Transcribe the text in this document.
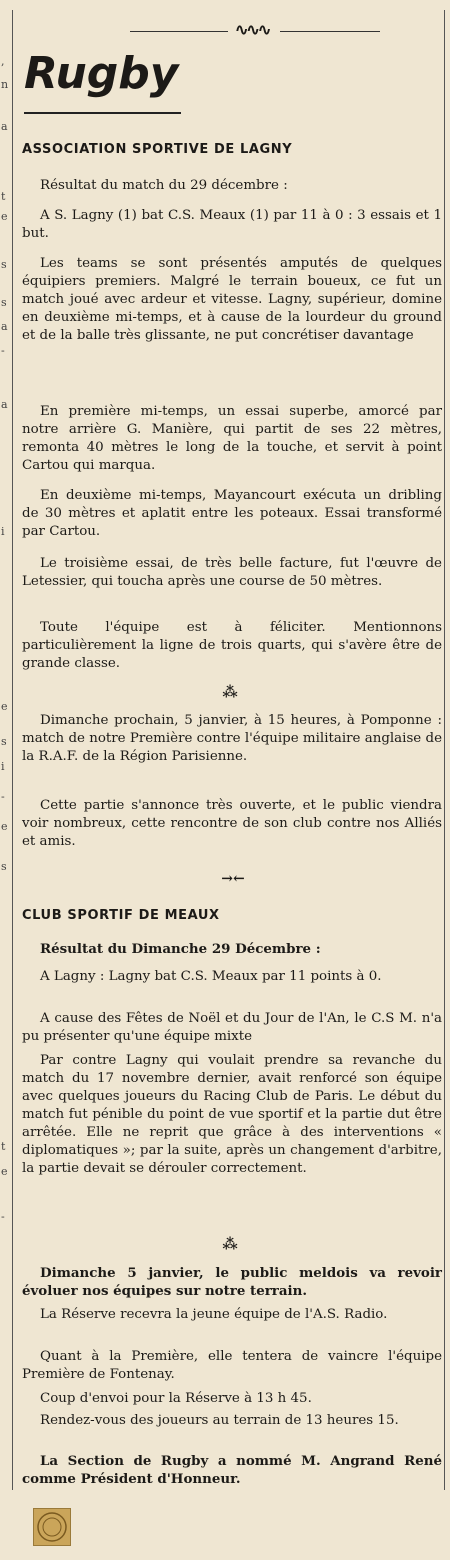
,
n
a
t
e
s
s
a
-
a
i
e
s
i
-
e
s
t
e
-
∿∿∿
Rugby
ASSOCIATION SPORTIVE DE LAGNY

Résultat du match du 29 décembre :

A S. Lagny (1) bat C.S. Meaux (1) par 11 à 0 : 3 essais et 1 but.

Les teams se sont présentés amputés de quelques équipiers premiers. Malgré le terrain boueux, ce fut un match joué avec ardeur et vitesse. Lagny, supérieur, domine en deuxième mi-temps, et à cause de la lourdeur du ground et de la balle très glissante, ne put concrétiser davantage

En première mi-temps, un essai superbe, amorcé par notre arrière G. Manière, qui partit de ses 22 mètres, remonta 40 mètres le long de la touche, et servit à point Cartou qui marqua.

En deuxième mi-temps, Mayancourt exécuta un dribling de 30 mètres et aplatit entre les poteaux. Essai transformé par Cartou.

Le troisième essai, de très belle facture, fut l'œuvre de Letessier, qui toucha après une course de 50 mètres.

Toute l'équipe est à féliciter. Mentionnons particulièrement la ligne de trois quarts, qui s'avère être de grande classe.

⁂

Dimanche prochain, 5 janvier, à 15 heures, à Pomponne : match de notre Première contre l'équipe militaire anglaise de la R.A.F. de la Région Parisienne.

Cette partie s'annonce très ouverte, et le public viendra voir nombreux, cette rencontre de son club contre nos Alliés et amis.

→←
CLUB SPORTIF DE MEAUX

Résultat du Dimanche 29 Décembre :

A Lagny : Lagny bat C.S. Meaux par 11 points à 0.

A cause des Fêtes de Noël et du Jour de l'An, le C.S M. n'a pu présenter qu'une équipe mixte

Par contre Lagny qui voulait prendre sa revanche du match du 17 novembre dernier, avait renforcé son équipe avec quelques joueurs du Racing Club de Paris. Le début du match fut pénible du point de vue sportif et la partie dut être arrêtée. Elle ne reprit que grâce à des interventions « diplomatiques »; par la suite, après un changement d'arbitre, la partie devait se dérouler correctement.

⁂

Dimanche 5 janvier, le public meldois va revoir évoluer nos équipes sur notre terrain.

La Réserve recevra la jeune équipe de l'A.S. Radio.

Quant à la Première, elle tentera de vaincre l'équipe Première de Fontenay.

Coup d'envoi pour la Réserve à 13 h 45.

Rendez-vous des joueurs au terrain de 13 heures 15.

La Section de Rugby a nommé M. Angrand René comme Président d'Honneur.
